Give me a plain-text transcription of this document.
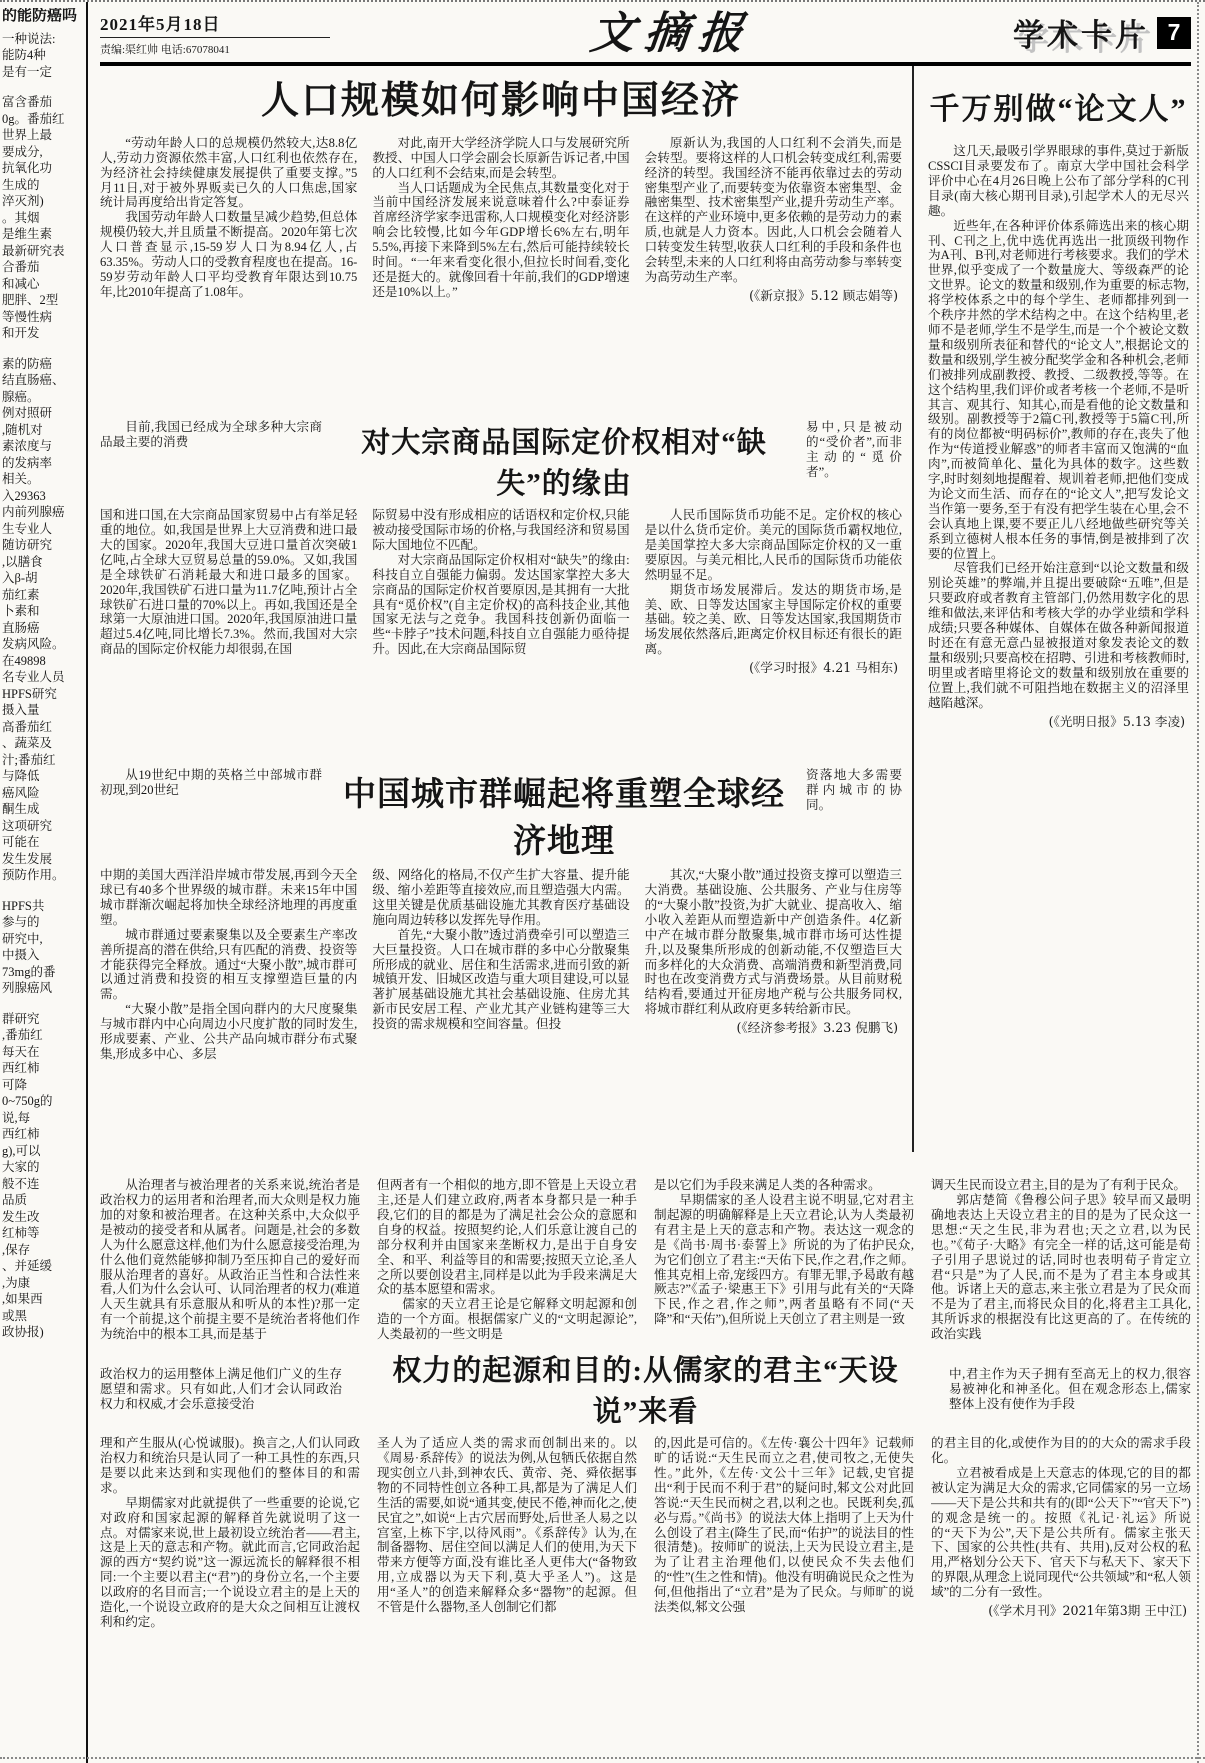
的能防癌吗
一种说法:
能防4种
是有一定
富含番茄
0g。番茄红
世界上最
要成分,
抗氧化功
生成的
淬灭剂)
。其烟
是维生素
最新研究表
合番茄
和减心
肥胖、2型
等慢性病
和开发
素的防癌
结直肠癌、
腺癌。
例对照研
,随机对
素浓度与
的发病率
相关。
入29363
内前列腺癌
生专业人
随访研究
,以膳食
入β-胡
茄红素
卜素和
直肠癌
发病风险。
在49898
名专业人员
HPFS研究
摄入量
高番茄红
、蔬菜及
汁;番茄红
与降低
癌风险
酮生成
这项研究
可能在
发生发展
预防作用。
HPFS共
参与的
研究中,
中摄入
73mg的番
列腺癌风
群研究
,番茄红
每天在
西红柿
可降
0~750g的
说,每
西红柿
g),可以
大家的
般不连
品质
发生改
红柿等
,保存
、并延缓
,为康
,如果西
或黑
政协报)
2021年5月18日
责编:渠红帅 电话:67078041	文摘报	学术卡片 7
人口规模如何影响中国经济

“劳动年龄人口的总规模仍然较大,达8.8亿人,劳动力资源依然丰富,人口红利也依然存在,为经济社会持续健康发展提供了重要支撑。”5月11日,对于被外界贩卖已久的人口焦虑,国家统计局再度给出肯定答复。

我国劳动年龄人口数量呈减少趋势,但总体规模仍较大,并且质量不断提高。2020年第七次人口普查显示,15-59岁人口为8.94亿人,占63.35%。劳动人口的受教育程度也在提高。16-59岁劳动年龄人口平均受教育年限达到10.75年,比2010年提高了1.08年。

对此,南开大学经济学院人口与发展研究所教授、中国人口学会副会长原新告诉记者,中国的人口红利不会结束,而是会转型。

当人口话题成为全民焦点,其数量变化对于当前中国经济发展来说意味着什么?中泰证券首席经济学家李迅雷称,人口规模变化对经济影响会比较慢,比如今年GDP增长6%左右,明年5.5%,再接下来降到5%左右,然后可能持续较长时间。“一年来看变化很小,但拉长时间看,变化还是挺大的。就像回看十年前,我们的GDP增速还是10%以上。”

原新认为,我国的人口红利不会消失,而是会转型。要将这样的人口机会转变成红利,需要经济的转型。我国经济不能再依靠过去的劳动密集型产业了,而要转变为依靠资本密集型、金融密集型、技术密集型产业,提升劳动生产率。在这样的产业环境中,更多依赖的是劳动力的素质,也就是人力资本。因此,人口机会会随着人口转变发生转型,收获人口红利的手段和条件也会转型,未来的人口红利将由高劳动参与率转变为高劳动生产率。

(《新京报》5.12 顾志娟等)

目前,我国已经成为全球多种大宗商品最主要的消费	对大宗商品国际定价权相对“缺失”的缘由

易中,只是被动的“受价者”,而非主动的“觅价者”。

国和进口国,在大宗商品国家贸易中占有举足轻重的地位。如,我国是世界上大豆消费和进口最大的国家。2020年,我国大豆进口量首次突破1亿吨,占全球大豆贸易总量的59.0%。又如,我国是全球铁矿石消耗最大和进口最多的国家。2020年,我国铁矿石进口量为11.7亿吨,预计占全球铁矿石进口量的70%以上。再如,我国还是全球第一大原油进口国。2020年,我国原油进口量超过5.4亿吨,同比增长7.3%。然而,我国对大宗商品的国际定价权能力却很弱,在国

际贸易中没有形成相应的话语权和定价权,只能被动接受国际市场的价格,与我国经济和贸易国际大国地位不匹配。

对大宗商品国际定价权相对“缺失”的缘由:科技自立自强能力偏弱。发达国家掌控大多大宗商品的国际定价权首要原因,是其拥有一大批具有“觅价权”(自主定价权)的高科技企业,其他国家无法与之竞争。我国科技创新仍面临一些“卡脖子”技术问题,科技自立自强能力亟待提升。因此,在大宗商品国际贸

人民币国际货币功能不足。定价权的核心是以什么货币定价。美元的国际货币霸权地位,是美国掌控大多大宗商品国际定价权的又一重要原因。与美元相比,人民币的国际货币功能依然明显不足。

期货市场发展滞后。发达的期货市场,是美、欧、日等发达国家主导国际定价权的重要基础。较之美、欧、日等发达国家,我国期货市场发展依然落后,距离定价权目标还有很长的距离。

(《学习时报》4.21 马相东)

从19世纪中期的英格兰中部城市群初现,到20世纪	中国城市群崛起将重塑全球经济地理

资落地大多需要群内城市的协同。

中期的美国大西洋沿岸城市带发展,再到今天全球已有40多个世界级的城市群。未来15年中国城市群渐次崛起将加快全球经济地理的再度重塑。

城市群通过要素聚集以及全要素生产率改善所提高的潜在供给,只有匹配的消费、投资等才能获得完全释放。通过“大聚小散”,城市群可以通过消费和投资的相互支撑塑造巨量的内需。

“大聚小散”是指全国向群内的大尺度聚集与城市群内中心向周边小尺度扩散的同时发生,形成要素、产业、公共产品向城市群分布式聚集,形成多中心、多层

级、网络化的格局,不仅产生扩大容量、提升能级、缩小差距等直接效应,而且塑造强大内需。这里关键是优质基础设施尤其教育医疗基础设施向周边转移以发挥先导作用。

首先,“大聚小散”透过消费牵引可以塑造三大巨量投资。人口在城市群的多中心分散聚集所形成的就业、居住和生活需求,进而引致的新城镇开发、旧城区改造与重大项目建设,可以显著扩展基础设施尤其社会基础设施、住房尤其新市民安居工程、产业尤其产业链构建等三大投资的需求规模和空间容量。但投

其次,“大聚小散”通过投资支撑可以塑造三大消费。基础设施、公共服务、产业与住房等的“大聚小散”投资,为扩大就业、提高收入、缩小收入差距从而塑造新中产创造条件。4亿新中产在城市群分散聚集,城市群市场可达性提升,以及聚集所形成的创新动能,不仅塑造巨大而多样化的大众消费、高端消费和新型消费,同时也在改变消费方式与消费场景。从目前财税结构看,要通过开征房地产税与公共服务同权,将城市群红利从政府更多转给新市民。

(《经济参考报》3.23 倪鹏飞)
千万别做“论文人”

这几天,最吸引学界眼球的事件,莫过于新版CSSCI目录要发布了。南京大学中国社会科学评价中心在4月26日晚上公布了部分学科的C刊目录(南大核心期刊目录),引起学术人的无尽兴趣。

近些年,在各种评价体系筛选出来的核心期刊、C刊之上,优中选优再选出一批顶级刊物作为A刊、B刊,对老师进行考核要求。我们的学术世界,似乎变成了一个数量庞大、等级森严的论文世界。论文的数量和级别,作为重要的标志物,将学校体系之中的每个学生、老师都排列到一个秩序井然的学术结构之中。在这个结构里,老师不是老师,学生不是学生,而是一个个被论文数量和级别所表征和替代的“论文人”,根据论文的数量和级别,学生被分配奖学金和各种机会,老师们被排列成副教授、教授、二级教授,等等。在这个结构里,我们评价或者考核一个老师,不是听其言、观其行、知其心,而是看他的论文数量和级别。副教授等于2篇C刊,教授等于5篇C刊,所有的岗位都被“明码标价”,教师的存在,丧失了他作为“传道授业解惑”的师者丰富而又饱满的“血肉”,而被简单化、量化为具体的数字。这些数字,时时刻刻地提醒着、规训着老师,把他们变成为论文而生活、而存在的“论文人”,把写发论文当作第一要务,至于有没有把学生装在心里,会不会认真地上课,要不要正儿八经地做些研究等关系到立德树人根本任务的事情,倒是被排到了次要的位置上。

尽管我们已经开始注意到“以论文数量和级别论英雄”的弊端,并且提出要破除“五唯”,但是只要政府或者教育主管部门,仍然用数字化的思维和做法,来评估和考核大学的办学业绩和学科成绩;只要各种媒体、自媒体在做各种新闻报道时还在有意无意凸显被报道对象发表论文的数量和级别;只要高校在招聘、引进和考核教师时,明里或者暗里将论文的数量和级别放在重要的位置上,我们就不可阻挡地在数据主义的沼泽里越陷越深。

(《光明日报》5.13 李凌)

从治理者与被治理者的关系来说,统治者是政治权力的运用者和治理者,而大众则是权力施加的对象和被治理者。在这种关系中,大众似乎是被动的接受者和从属者。问题是,社会的多数人为什么愿意这样,他们为什么愿意接受治理,为什么他们竟然能够抑制乃至压抑自己的爱好而服从治理者的喜好。从政治正当性和合法性来看,人们为什么会认可、认同治理者的权力(难道人天生就具有乐意服从和听从的本性)?那一定有一个前提,这个前提主要不是统治者将他们作为统治中的根本工具,而是基于

但两者有一个相似的地方,即不管是上天设立君主,还是人们建立政府,两者本身都只是一种手段,它们的目的都是为了满足社会公众的意愿和自身的权益。按照契约论,人们乐意让渡自己的部分权利并由国家来垄断权力,是出于自身安全、和平、利益等目的和需要;按照天立论,圣人之所以要创设君主,同样是以此为手段来满足大众的基本愿望和需求。

儒家的天立君王论是它解释文明起源和创造的一个方面。根据儒家广义的“文明起源论”,人类最初的一些文明是

是以它们为手段来满足人类的各种需求。

早期儒家的圣人设君主说不明显,它对君主制起源的明确解释是上天立君论,认为人类最初有君主是上天的意志和产物。表达这一观念的是《尚书·周书·泰誓上》所说的为了佑护民众,为它们创立了君主:“天佑下民,作之君,作之师。惟其克相上帝,宠绥四方。有罪无罪,予曷敢有越厥志?”《孟子·梁惠王下》引用与此有关的“天降下民,作之君,作之师”,两者虽略有不同(“天降”和“天佑”),但所说上天创立了君主则是一致

调天生民而设立君主,目的是为了有利于民众。

郭店楚简《鲁穆公问子思》较早而又最明确地表达上天设立君主的目的是为了民众这一思想:“天之生民,非为君也;天之立君,以为民也。”《荀子·大略》有完全一样的话,这可能是荀子引用子思说过的话,同时也表明荀子肯定立君“只是”为了人民,而不是为了君主本身或其他。诉诸上天的意志,来主张立君是为了民众而不是为了君主,而将民众目的化,将君主工具化,其所诉求的根据没有比这更高的了。在传统的政治实践

政治权力的运用整体上满足他们广义的生存愿望和需求。只有如此,人们才会认同政治权力和权威,才会乐意接受治

权力的起源和目的:从儒家的君主“天设说”来看

中,君主作为天子拥有至高无上的权力,很容易被神化和神圣化。但在观念形态上,儒家整体上没有使作为手段

理和产生服从(心悦诚服)。换言之,人们认同政治权力和统治只是认同了一种工具性的东西,只是要以此来达到和实现他们的整体目的和需求。

早期儒家对此就提供了一些重要的论说,它对政府和国家起源的解释首先就说明了这一点。对儒家来说,世上最初设立统治者——君主,这是上天的意志和产物。就此而言,它同政治起源的西方“契约说”这一源远流长的解释很不相同:一个主要以君主(“君”)的身份立名,一个主要以政府的名目而言;一个说设立君主的是上天的造化,一个说设立政府的是大众之间相互让渡权利和约定。

圣人为了适应人类的需求而创制出来的。以《周易·系辞传》的说法为例,从包牺氏依据自然现实创立八卦,到神农氏、黄帝、尧、舜依据事物的不同特性创立各种工具,都是为了满足人们生活的需要,如说“通其变,使民不倦,神而化之,使民宜之”,如说“上古穴居而野处,后世圣人易之以宫室,上栋下宇,以待风雨”。《系辞传》认为,在制备器物、居住空间以满足人们的使用,为天下带来方便等方面,没有谁比圣人更伟大(“备物致用,立成器以为天下利,莫大乎圣人”)。这是用“圣人”的创造来解释众多“器物”的起源。但不管是什么器物,圣人创制它们都

的,因此是可信的。《左传·襄公十四年》记载师旷的话说:“天生民而立之君,使司牧之,无使失性。”此外,《左传·文公十三年》记载,史官提出“利于民而不利于君”的疑问时,邾文公对此回答说:“天生民而树之君,以利之也。民既利矣,孤必与焉。”《尚书》的说法大体上指明了上天为什么创设了君主(降生了民,而“佑护”的说法目的性很清楚)。按师旷的说法,上天为民设立君主,是为了让君主治理他们,以使民众不失去他们的“性”(生之性和情)。他没有明确说民众之性为何,但他指出了“立君”是为了民众。与师旷的说法类似,邾文公强

的君主目的化,或使作为目的的大众的需求手段化。

立君被看成是上天意志的体现,它的目的都被认定为满足大众的需求,它同儒家的另一立场——天下是公共和共有的(即“公天下”“官天下”)的观念是统一的。按照《礼记·礼运》所说的“天下为公”,天下是公共所有。儒家主张天下、国家的公共性(共有、共用),反对公权的私用,严格划分公天下、官天下与私天下、家天下的界限,从理念上说同现代“公共领域”和“私人领域”的二分有一致性。

(《学术月刊》2021年第3期 王中江)
